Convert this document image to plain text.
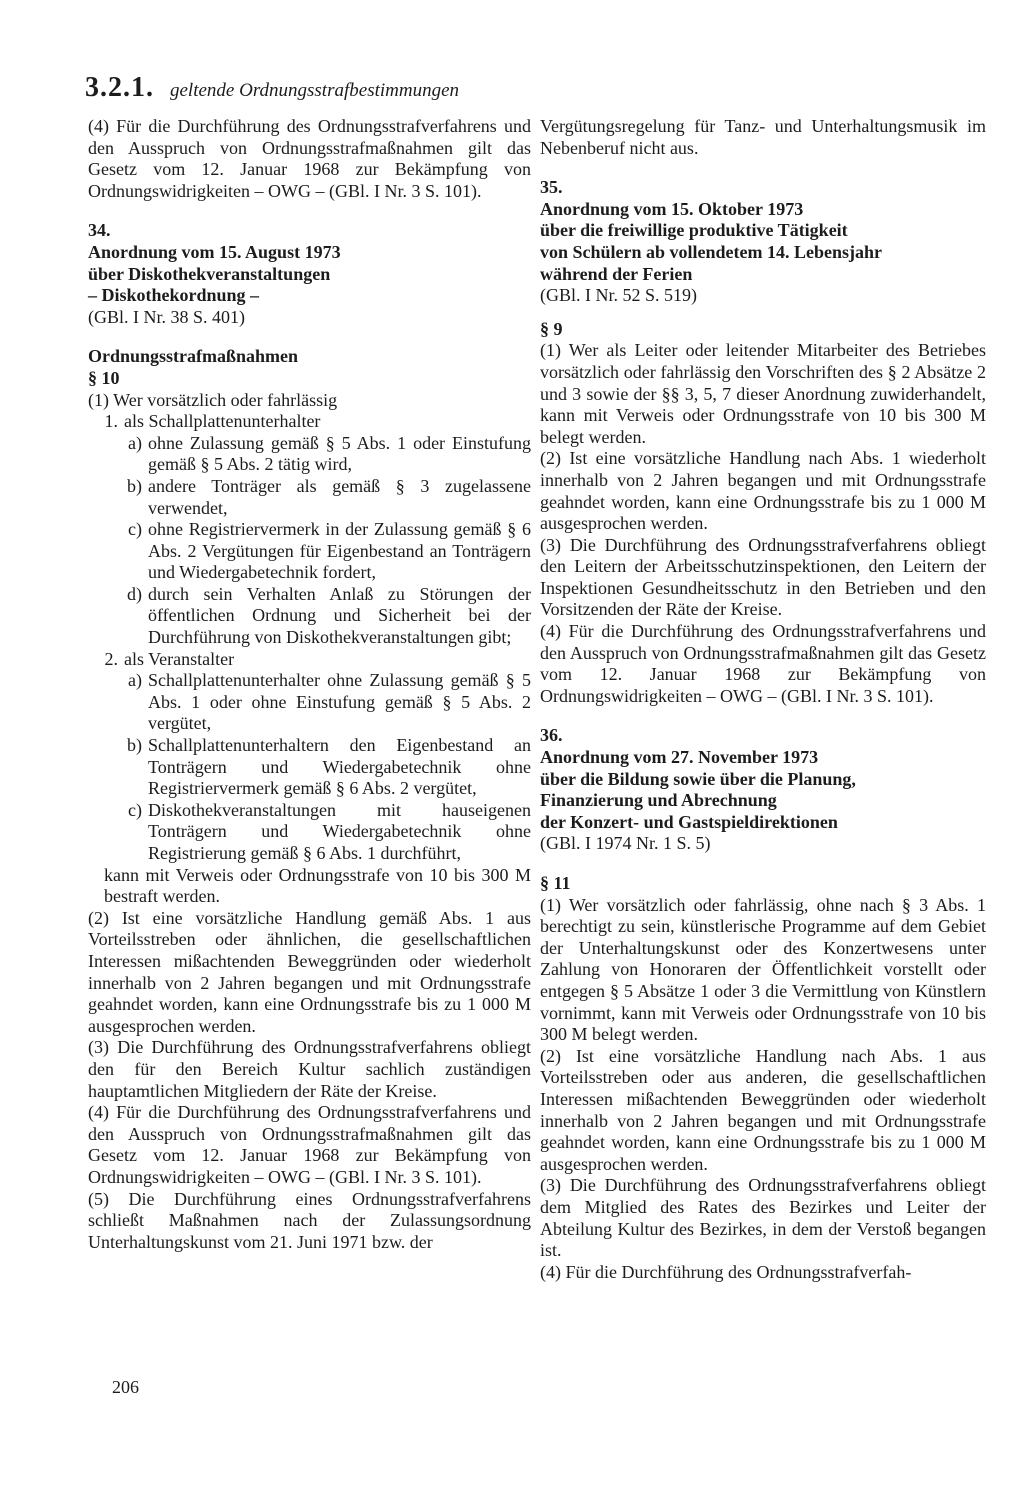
3.2.1. geltende Ordnungsstrafbestimmungen

(4) Für die Durchführung des Ordnungsstrafverfahrens und den Ausspruch von Ordnungsstrafmaßnahmen gilt das Gesetz vom 12. Januar 1968 zur Bekämpfung von Ordnungswidrigkeiten – OWG – (GBl. I Nr. 3 S. 101).

34.

Anordnung vom 15. August 1973

über Diskothekveranstaltungen

– Diskothekordnung –

(GBl. I Nr. 38 S. 401)

Ordnungsstrafmaßnahmen

§ 10

(1) Wer vorsätzlich oder fahrlässig

1. als Schallplattenunterhalter
a) ohne Zulassung gemäß § 5 Abs. 1 oder Einstufung gemäß § 5 Abs. 2 tätig wird,
b) andere Tonträger als gemäß § 3 zugelassene verwendet,
c) ohne Registriervermerk in der Zulassung gemäß § 6 Abs. 2 Vergütungen für Eigenbestand an Tonträgern und Wiedergabetechnik fordert,
d) durch sein Verhalten Anlaß zu Störungen der öffentlichen Ordnung und Sicherheit bei der Durchführung von Diskothekveranstaltungen gibt;
2. als Veranstalter
a) Schallplattenunterhalter ohne Zulassung gemäß § 5 Abs. 1 oder ohne Einstufung gemäß § 5 Abs. 2 vergütet,
b) Schallplattenunterhaltern den Eigenbestand an Tonträgern und Wiedergabetechnik ohne Registriervermerk gemäß § 6 Abs. 2 vergütet,
c) Diskothekveranstaltungen mit hauseigenen Tonträgern und Wiedergabetechnik ohne Registrierung gemäß § 6 Abs. 1 durchführt,

kann mit Verweis oder Ordnungsstrafe von 10 bis 300 M bestraft werden.

(2) Ist eine vorsätzliche Handlung gemäß Abs. 1 aus Vorteilsstreben oder ähnlichen, die gesellschaftlichen Interessen mißachtenden Beweggründen oder wiederholt innerhalb von 2 Jahren begangen und mit Ordnungsstrafe geahndet worden, kann eine Ordnungsstrafe bis zu 1 000 M ausgesprochen werden.

(3) Die Durchführung des Ordnungsstrafverfahrens obliegt den für den Bereich Kultur sachlich zuständigen hauptamtlichen Mitgliedern der Räte der Kreise.

(4) Für die Durchführung des Ordnungsstrafverfahrens und den Ausspruch von Ordnungsstrafmaßnahmen gilt das Gesetz vom 12. Januar 1968 zur Bekämpfung von Ordnungswidrigkeiten – OWG – (GBl. I Nr. 3 S. 101).

(5) Die Durchführung eines Ordnungsstrafverfahrens schließt Maßnahmen nach der Zulassungsordnung Unterhaltungskunst vom 21. Juni 1971 bzw. der

Vergütungsregelung für Tanz- und Unterhaltungsmusik im Nebenberuf nicht aus.

35.

Anordnung vom 15. Oktober 1973

über die freiwillige produktive Tätigkeit

von Schülern ab vollendetem 14. Lebensjahr

während der Ferien

(GBl. I Nr. 52 S. 519)

§ 9

(1) Wer als Leiter oder leitender Mitarbeiter des Betriebes vorsätzlich oder fahrlässig den Vorschriften des § 2 Absätze 2 und 3 sowie der §§ 3, 5, 7 dieser Anordnung zuwiderhandelt, kann mit Verweis oder Ordnungsstrafe von 10 bis 300 M belegt werden.

(2) Ist eine vorsätzliche Handlung nach Abs. 1 wiederholt innerhalb von 2 Jahren begangen und mit Ordnungsstrafe geahndet worden, kann eine Ordnungsstrafe bis zu 1 000 M ausgesprochen werden.

(3) Die Durchführung des Ordnungsstrafverfahrens obliegt den Leitern der Arbeitsschutzinspektionen, den Leitern der Inspektionen Gesundheitsschutz in den Betrieben und den Vorsitzenden der Räte der Kreise.

(4) Für die Durchführung des Ordnungsstrafverfahrens und den Ausspruch von Ordnungsstrafmaßnahmen gilt das Gesetz vom 12. Januar 1968 zur Bekämpfung von Ordnungswidrigkeiten – OWG – (GBl. I Nr. 3 S. 101).

36.

Anordnung vom 27. November 1973

über die Bildung sowie über die Planung,

Finanzierung und Abrechnung

der Konzert- und Gastspieldirektionen

(GBl. I 1974 Nr. 1 S. 5)

§ 11

(1) Wer vorsätzlich oder fahrlässig, ohne nach § 3 Abs. 1 berechtigt zu sein, künstlerische Programme auf dem Gebiet der Unterhaltungskunst oder des Konzertwesens unter Zahlung von Honoraren der Öffentlichkeit vorstellt oder entgegen § 5 Absätze 1 oder 3 die Vermittlung von Künstlern vornimmt, kann mit Verweis oder Ordnungsstrafe von 10 bis 300 M belegt werden.

(2) Ist eine vorsätzliche Handlung nach Abs. 1 aus Vorteilsstreben oder aus anderen, die gesellschaftlichen Interessen mißachtenden Beweggründen oder wiederholt innerhalb von 2 Jahren begangen und mit Ordnungsstrafe geahndet worden, kann eine Ordnungsstrafe bis zu 1 000 M ausgesprochen werden.

(3) Die Durchführung des Ordnungsstrafverfahrens obliegt dem Mitglied des Rates des Bezirkes und Leiter der Abteilung Kultur des Bezirkes, in dem der Verstoß begangen ist.

(4) Für die Durchführung des Ordnungsstrafverfah-

206
